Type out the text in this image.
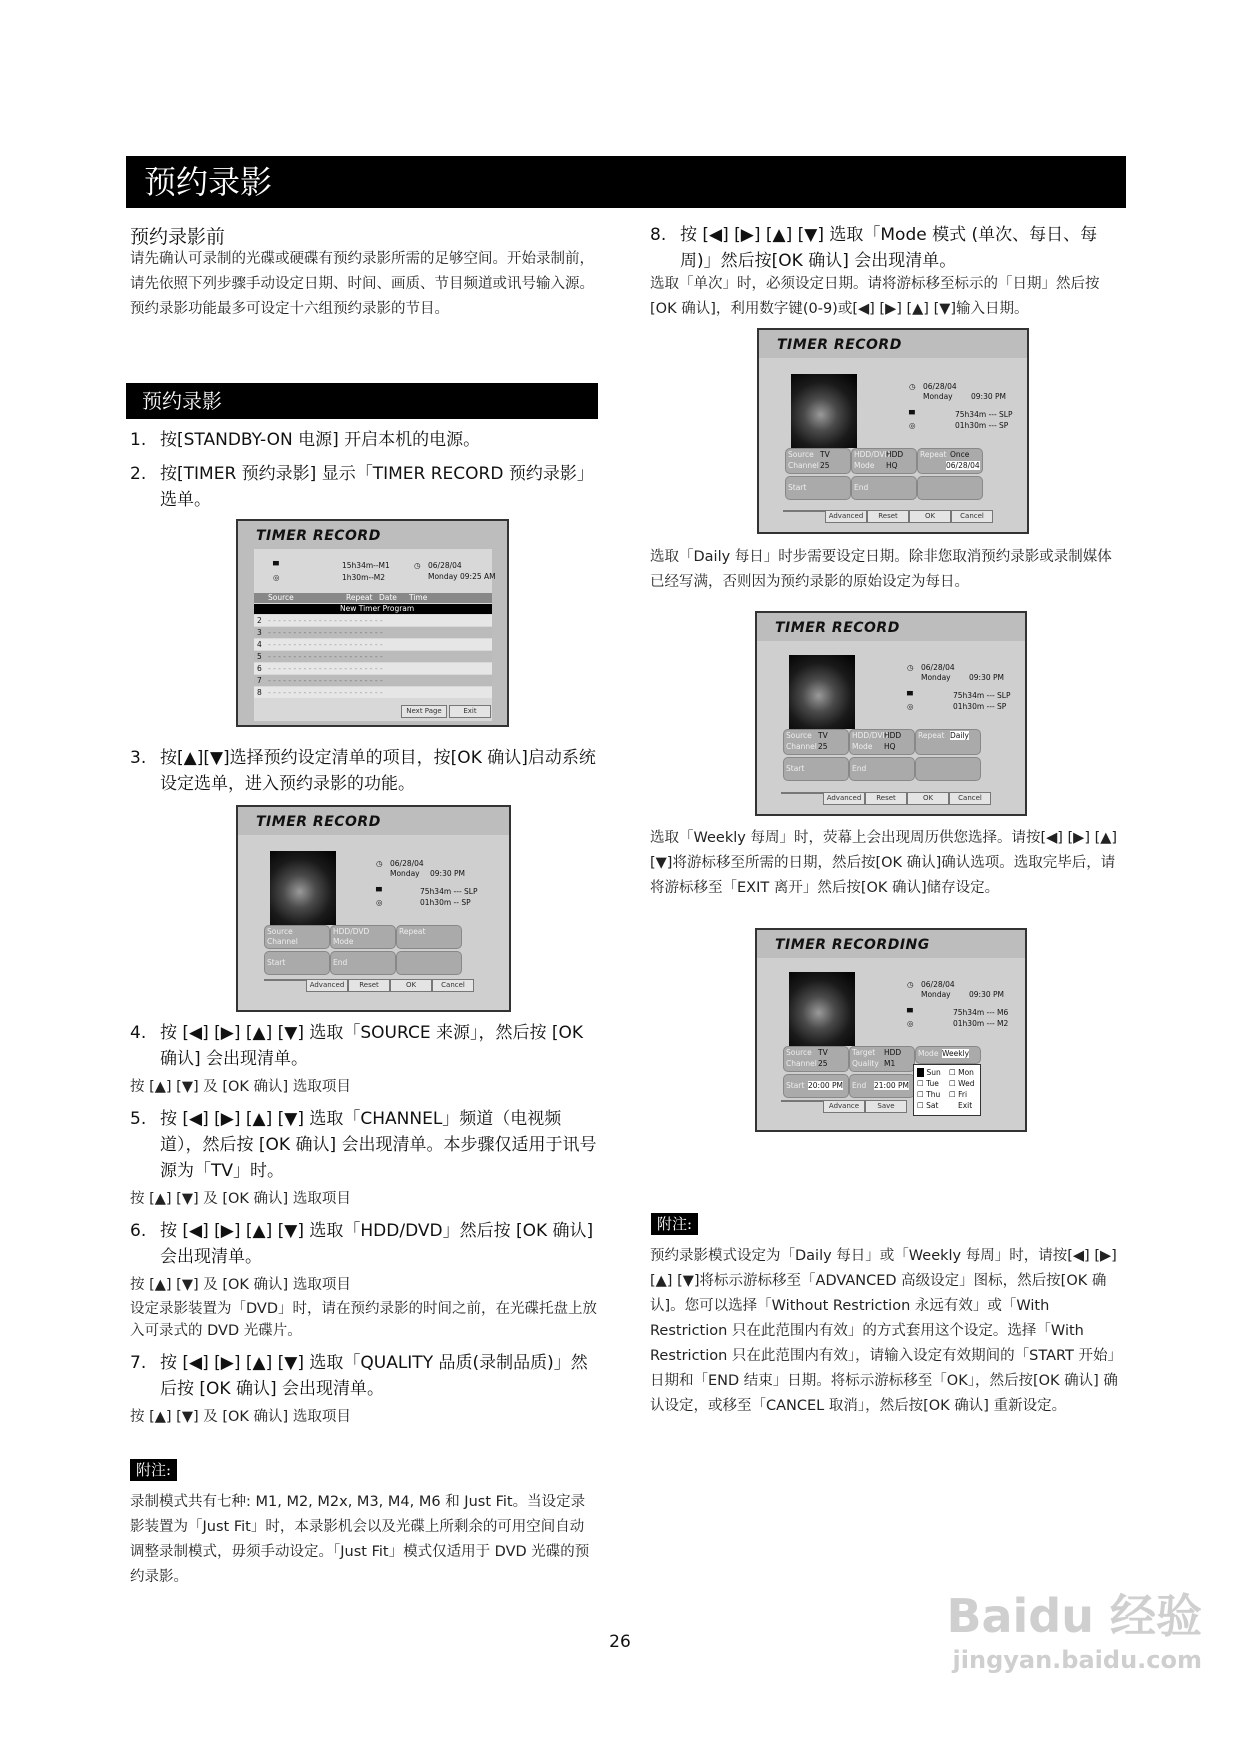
预约录影
预约录影前

请先确认可录制的光碟或硬碟有预约录影所需的足够空间。开始录制前，请先依照下列步骤手动设定日期、时间、画质、节目频道或讯号输入源。预约录影功能最多可设定十六组预约录影的节目。

预约录影
1. 按[STANDBY-ON 电源] 开启本机的电源。
2. 按[TIMER 预约录影] 显示「TIMER RECORD 预约录影」选单。
TIMER RECORD
▀	15h34m--M1
◎	1h30m--M2
◷ 06/28/04
Monday 09:25 AM
Source	Repeat Date Time
New Timer Program
2 - - - - - - - - - - - - - - - - - - - - - - -
3 - - - - - - - - - - - - - - - - - - - - - - -
4 - - - - - - - - - - - - - - - - - - - - - - -
5 - - - - - - - - - - - - - - - - - - - - - - -
6 - - - - - - - - - - - - - - - - - - - - - - -
7 - - - - - - - - - - - - - - - - - - - - - - -
8 - - - - - - - - - - - - - - - - - - - - - - -
Next Page	Exit
3. 按[▲][▼]选择预约设定清单的项目，按[OK 确认]启动系统设定选单，进入预约录影的功能。
TIMER RECORD
◷ 06/28/04
Monday 09:30 PM
▀	75h34m --- SLP
◎	01h30m -- SP
Source
Channel
HDD/DVD
Mode
Repeat
Start	End
Advanced	Reset	OK	Cancel
4. 按 [◀] [▶] [▲] [▼] 选取「SOURCE 来源」，然后按 [OK 确认] 会出现清单。
按 [▲] [▼] 及 [OK 确认] 选取项目
5. 按 [◀] [▶] [▲] [▼] 选取「CHANNEL」频道（电视频道），然后按 [OK 确认] 会出现清单。本步骤仅适用于讯号源为「TV」时。
按 [▲] [▼] 及 [OK 确认] 选取项目
6. 按 [◀] [▶] [▲] [▼] 选取「HDD/DVD」然后按 [OK 确认] 会出现清单。
按 [▲] [▼] 及 [OK 确认] 选取项目
设定录影装置为「DVD」时，请在预约录影的时间之前，在光碟托盘上放入可录式的 DVD 光碟片。
7. 按 [◀] [▶] [▲] [▼] 选取「QUALITY 品质(录制品质)」然后按 [OK 确认] 会出现清单。
按 [▲] [▼] 及 [OK 确认] 选取项目
附注:

录制模式共有七种: M1, M2, M2x, M3, M4, M6 和 Just Fit。当设定录影装置为「Just Fit」时，本录影机会以及光碟上所剩余的可用空间自动调整录制模式，毋须手动设定。「Just Fit」模式仅适用于 DVD 光碟的预约录影。

8. 按 [◀] [▶] [▲] [▼] 选取「Mode 模式 (单次、每日、每周)」然后按[OK 确认] 会出现清单。

选取「单次」时，必须设定日期。请将游标移至标示的「日期」然后按[OK 确认]，利用数字键(0-9)或[◀] [▶] [▲] [▼]输入日期。

TIMER RECORD
◷ 06/28/04
Monday 09:30 PM
▀	75h34m --- SLP
◎	01h30m --- SP
Source TV
Channel 25
HDD/DVD
HDD
Mode HQ
Repeat Once
06/28/04
Start	End
Advanced	Reset	OK	Cancel

选取「Daily 每日」时步需要设定日期。除非您取消预约录影或录制媒体已经写满，否则因为预约录影的原始设定为每日。

TIMER RECORD
◷ 06/28/04
Monday 09:30 PM
▀	75h34m --- SLP
◎	01h30m --- SP
Source TV
Channel 25
HDD/DVD
HDD
Mode HQ
Repeat Daily
Start	End
Advanced	Reset	OK	Cancel

选取「Weekly 每周」时，荧幕上会出现周历供您选择。请按[◀] [▶] [▲] [▼]将游标移至所需的日期，然后按[OK 确认]确认选项。选取完毕后，请将游标移至「EXIT 离开」然后按[OK 确认]储存设定。

TIMER RECORDING
◷ 06/28/04
Monday 09:30 PM
▀	75h34m --- M6
◎	01h30m --- M2
Source TV
Channel 25
Target HDD
Quality M1
Mode Weekly
Start 20:00 PM End 21:00 PM
Advance	Save
■ Sun ☐ Mon
☐ Tue ☐ Wed
☐ Thu ☐ Fri
☐ Sat	Exit
附注:

预约录影模式设定为「Daily 每日」或「Weekly 每周」时，请按[◀] [▶] [▲] [▼]将标示游标移至「ADVANCED 高级设定」图标，然后按[OK 确认]。您可以选择「Without Restriction 永远有效」或「With Restriction 只在此范围内有效」的方式套用这个设定。选择「With Restriction 只在此范围内有效」，请输入设定有效期间的「START 开始」日期和「END 结束」日期。将标示游标移至「OK」，然后按[OK 确认] 确认设定，或移至「CANCEL 取消」，然后按[OK 确认] 重新设定。

26	Baidu 经验
jingyan.baidu.com
